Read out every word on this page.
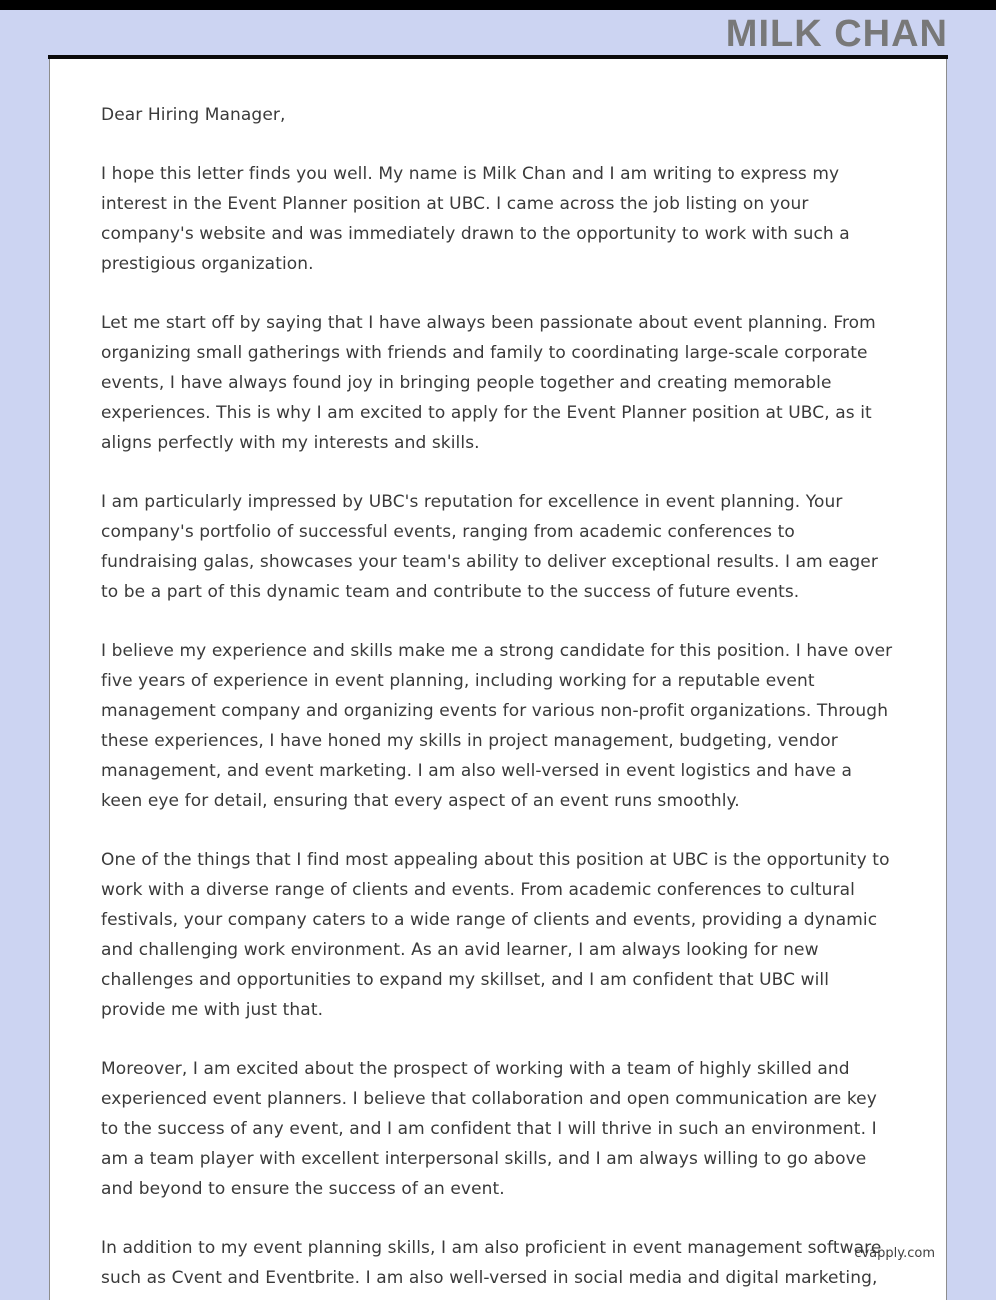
MILK CHAN

Dear Hiring Manager,

I hope this letter finds you well. My name is Milk Chan and I am writing to express my interest in the Event Planner position at UBC. I came across the job listing on your company's website and was immediately drawn to the opportunity to work with such a prestigious organization.

Let me start off by saying that I have always been passionate about event planning. From organizing small gatherings with friends and family to coordinating large-scale corporate events, I have always found joy in bringing people together and creating memorable experiences. This is why I am excited to apply for the Event Planner position at UBC, as it aligns perfectly with my interests and skills.

I am particularly impressed by UBC's reputation for excellence in event planning. Your company's portfolio of successful events, ranging from academic conferences to fundraising galas, showcases your team's ability to deliver exceptional results. I am eager to be a part of this dynamic team and contribute to the success of future events.

I believe my experience and skills make me a strong candidate for this position. I have over five years of experience in event planning, including working for a reputable event management company and organizing events for various non-profit organizations. Through these experiences, I have honed my skills in project management, budgeting, vendor management, and event marketing. I am also well-versed in event logistics and have a keen eye for detail, ensuring that every aspect of an event runs smoothly.

One of the things that I find most appealing about this position at UBC is the opportunity to work with a diverse range of clients and events. From academic conferences to cultural festivals, your company caters to a wide range of clients and events, providing a dynamic and challenging work environment. As an avid learner, I am always looking for new challenges and opportunities to expand my skillset, and I am confident that UBC will provide me with just that.

Moreover, I am excited about the prospect of working with a team of highly skilled and experienced event planners. I believe that collaboration and open communication are key to the success of any event, and I am confident that I will thrive in such an environment. I am a team player with excellent interpersonal skills, and I am always willing to go above and beyond to ensure the success of an event.

In addition to my event planning skills, I am also proficient in event management software such as Cvent and Eventbrite. I am also well-versed in social media and digital marketing,

cvapply.com
